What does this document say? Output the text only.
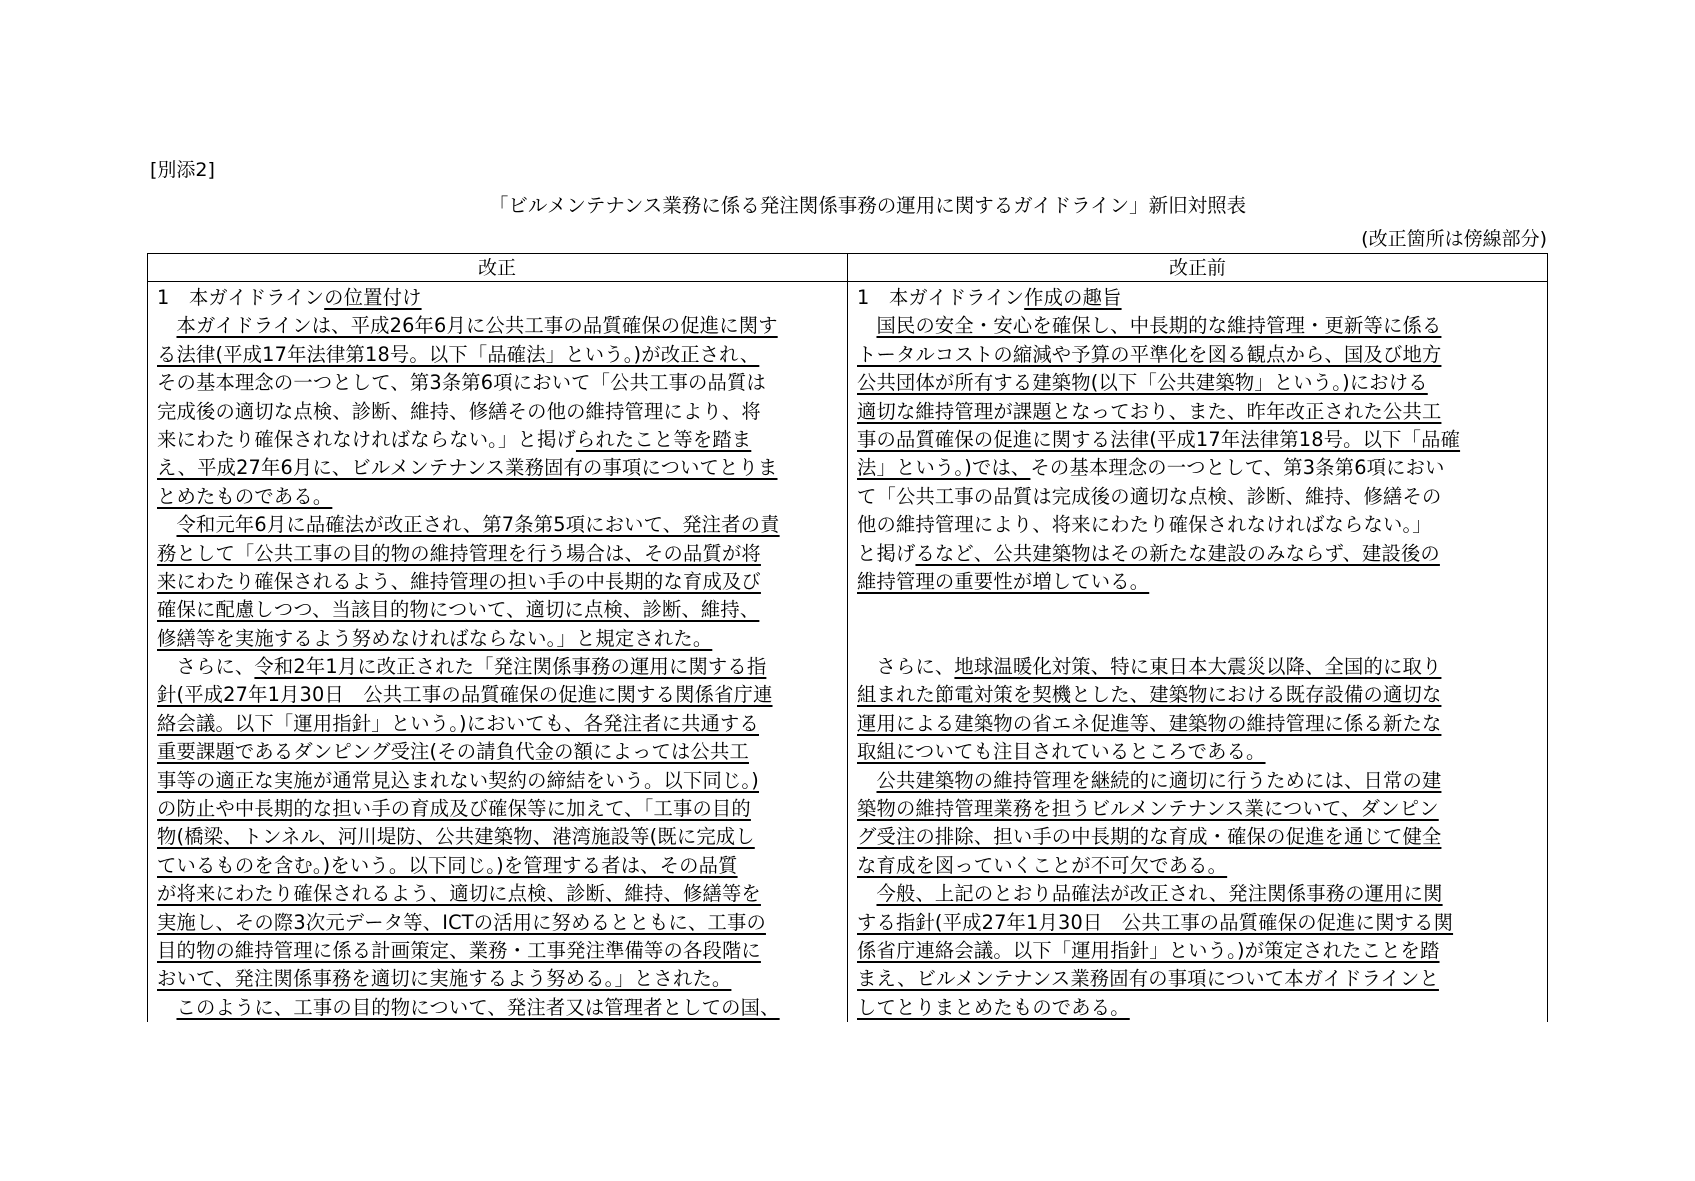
[別添2]
「ビルメンテナンス業務に係る発注関係事務の運用に関するガイドライン」新旧対照表
(改正箇所は傍線部分)
改正	改正前
1　本ガイドラインの位置付け
　本ガイドラインは、平成26年6月に公共工事の品質確保の促進に関す
る法律(平成17年法律第18号。以下「品確法」という。)が改正され、
その基本理念の一つとして、第3条第6項において「公共工事の品質は
完成後の適切な点検、診断、維持、修繕その他の維持管理により、将
来にわたり確保されなければならない。」と掲げられたこと等を踏ま
え、平成27年6月に、ビルメンテナンス業務固有の事項についてとりま
とめたものである。
　令和元年6月に品確法が改正され、第7条第5項において、発注者の責
務として「公共工事の目的物の維持管理を行う場合は、その品質が将
来にわたり確保されるよう、維持管理の担い手の中長期的な育成及び
確保に配慮しつつ、当該目的物について、適切に点検、診断、維持、
修繕等を実施するよう努めなければならない。」と規定された。
　さらに、令和2年1月に改正された「発注関係事務の運用に関する指
針(平成27年1月30日　公共工事の品質確保の促進に関する関係省庁連
絡会議。以下「運用指針」という。)においても、各発注者に共通する
重要課題であるダンピング受注(その請負代金の額によっては公共工
事等の適正な実施が通常見込まれない契約の締結をいう。以下同じ。)
の防止や中長期的な担い手の育成及び確保等に加えて、「工事の目的
物(橋梁、トンネル、河川堤防、公共建築物、港湾施設等(既に完成し
ているものを含む。)をいう。以下同じ。)を管理する者は、その品質
が将来にわたり確保されるよう、適切に点検、診断、維持、修繕等を
実施し、その際3次元データ等、ICTの活用に努めるとともに、工事の
目的物の維持管理に係る計画策定、業務・工事発注準備等の各段階に
おいて、発注関係事務を適切に実施するよう努める。」とされた。
　このように、工事の目的物について、発注者又は管理者としての国、
1　本ガイドライン作成の趣旨
　国民の安全・安心を確保し、中長期的な維持管理・更新等に係る
トータルコストの縮減や予算の平準化を図る観点から、国及び地方
公共団体が所有する建築物(以下「公共建築物」という。)における
適切な維持管理が課題となっており、また、昨年改正された公共工
事の品質確保の促進に関する法律(平成17年法律第18号。以下「品確
法」という。)では、その基本理念の一つとして、第3条第6項におい
て「公共工事の品質は完成後の適切な点検、診断、維持、修繕その
他の維持管理により、将来にわたり確保されなければならない。」
と掲げるなど、公共建築物はその新たな建設のみならず、建設後の
維持管理の重要性が増している。
　さらに、地球温暖化対策、特に東日本大震災以降、全国的に取り
組まれた節電対策を契機とした、建築物における既存設備の適切な
運用による建築物の省エネ促進等、建築物の維持管理に係る新たな
取組についても注目されているところである。
　公共建築物の維持管理を継続的に適切に行うためには、日常の建
築物の維持管理業務を担うビルメンテナンス業について、ダンピン
グ受注の排除、担い手の中長期的な育成・確保の促進を通じて健全
な育成を図っていくことが不可欠である。
　今般、上記のとおり品確法が改正され、発注関係事務の運用に関
する指針(平成27年1月30日　公共工事の品質確保の促進に関する関
係省庁連絡会議。以下「運用指針」という。)が策定されたことを踏
まえ、ビルメンテナンス業務固有の事項について本ガイドラインと
してとりまとめたものである。
